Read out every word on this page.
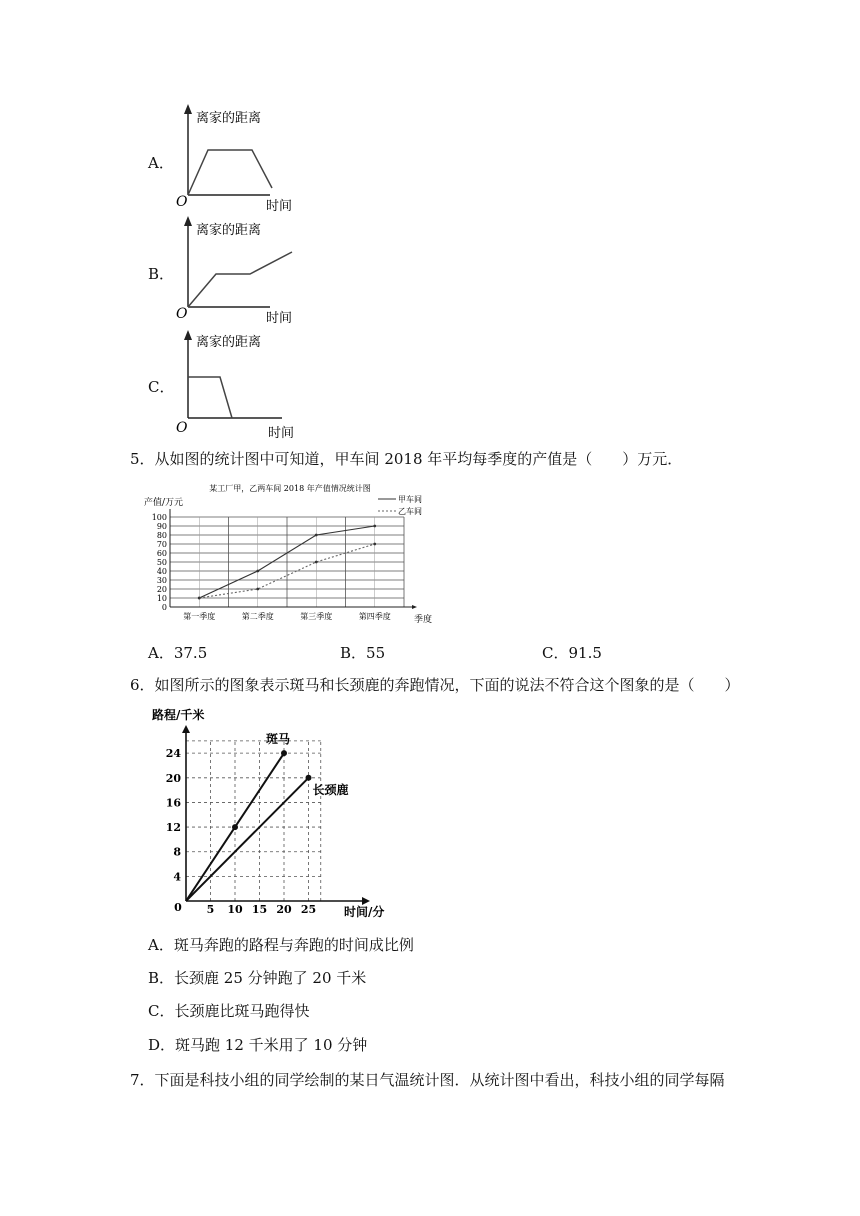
A．
离家的距离
O	时间
B．
离家的距离
O	时间
C．
离家的距离
O	时间
5．从如图的统计图中可知道，甲车间 2018 年平均每季度的产值是（　　）万元．
某工厂甲，乙两车间 2018 年产值情况统计图
产值/万元	甲车间
乙车间
0
10
20
30
40
50
60
70
80
90
100
第一季度	第二季度	第三季度	第四季度	季度
A．37.5	B．55	C．91.5
6．如图所示的图象表示斑马和长颈鹿的奔跑情况，下面的说法不符合这个图象的是（　　）
路程/千米
5 10 15 20 25
4
8
12
16
20
24
斑马
长颈鹿
0	时间/分
A．斑马奔跑的路程与奔跑的时间成比例
B．长颈鹿 25 分钟跑了 20 千米
C．长颈鹿比斑马跑得快
D．斑马跑 12 千米用了 10 分钟
7．下面是科技小组的同学绘制的某日气温统计图．从统计图中看出，科技小组的同学每隔
